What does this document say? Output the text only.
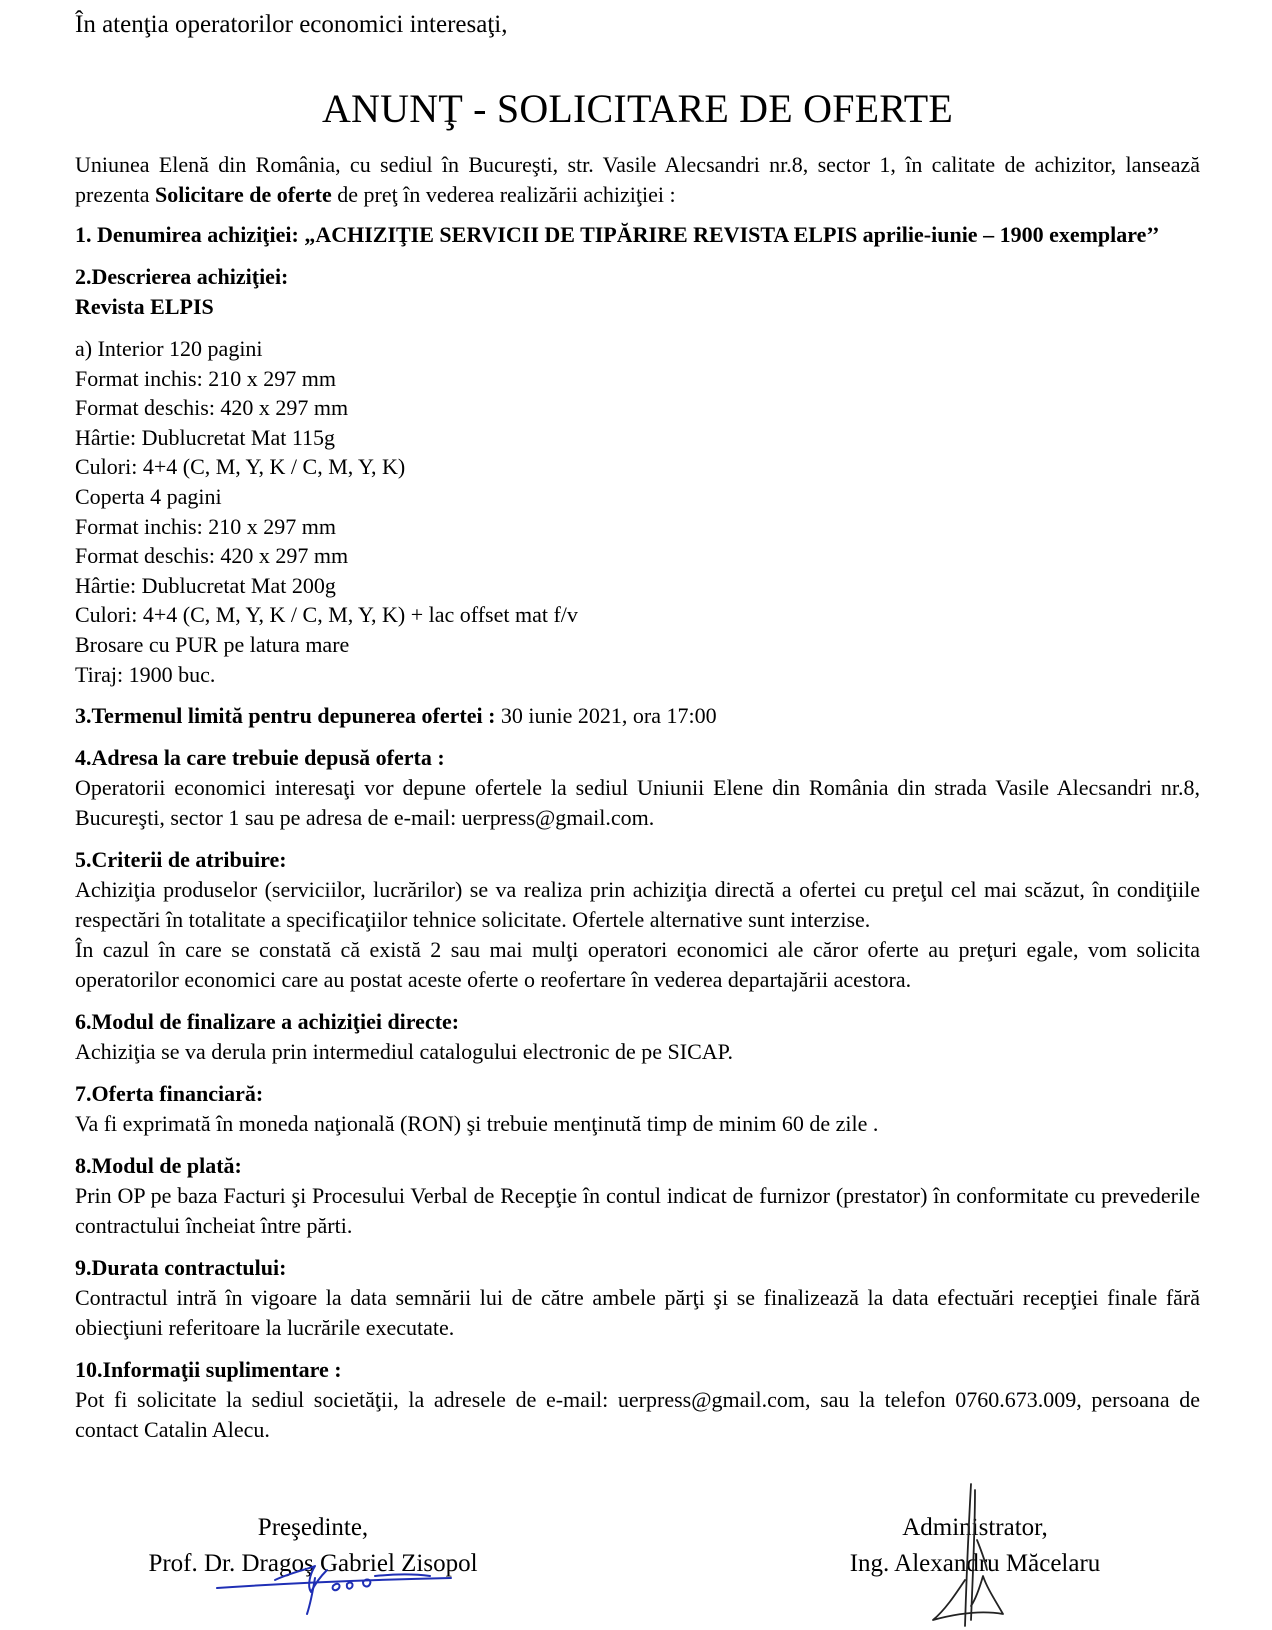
În atenţia operatorilor economici interesaţi,

ANUNŢ - SOLICITARE DE OFERTE

Uniunea Elenă din România, cu sediul în Bucureşti, str. Vasile Alecsandri nr.8, sector 1, în calitate de achizitor, lansează prezenta Solicitare de oferte de preţ în vederea realizării achiziţiei :

1. Denumirea achiziţiei: „ACHIZIŢIE SERVICII DE TIPĂRIRE REVISTA ELPIS aprilie-iunie – 1900 exemplare’’

2.Descrierea achiziţiei:

Revista ELPIS

a) Interior 120 pagini
Format inchis: 210 x 297 mm
Format deschis: 420 x 297 mm
Hârtie: Dublucretat Mat 115g
Culori: 4+4 (C, M, Y, K / C, M, Y, K)
Coperta 4 pagini
Format inchis: 210 x 297 mm
Format deschis: 420 x 297 mm
Hârtie: Dublucretat Mat 200g
Culori: 4+4 (C, M, Y, K / C, M, Y, K) + lac offset mat f/v
Brosare cu PUR pe latura mare
Tiraj: 1900 buc.

3.Termenul limită pentru depunerea ofertei : 30 iunie 2021, ora 17:00

4.Adresa la care trebuie depusă oferta :

Operatorii economici interesaţi vor depune ofertele la sediul Uniunii Elene din România din strada Vasile Alecsandri nr.8, Bucureşti, sector 1 sau pe adresa de e-mail: uerpress@gmail.com.

5.Criterii de atribuire:

Achiziţia produselor (serviciilor, lucrărilor) se va realiza prin achiziţia directă a ofertei cu preţul cel mai scăzut, în condiţiile respectări în totalitate a specificaţiilor tehnice solicitate. Ofertele alternative sunt interzise.

În cazul în care se constată că există 2 sau mai mulţi operatori economici ale căror oferte au preţuri egale, vom solicita operatorilor economici care au postat aceste oferte o reofertare în vederea departajării acestora.

6.Modul de finalizare a achiziţiei directe:

Achiziţia se va derula prin intermediul catalogului electronic de pe SICAP.

7.Oferta financiară:

Va fi exprimată în moneda naţională (RON) şi trebuie menţinută timp de minim 60 de zile .

8.Modul de plată:

Prin OP pe baza Facturi şi Procesului Verbal de Recepţie în contul indicat de furnizor (prestator) în conformitate cu prevederile contractului încheiat între părti.

9.Durata contractului:

Contractul intră în vigoare la data semnării lui de către ambele părţi şi se finalizează la data efectuări recepţiei finale fără obiecţiuni referitoare la lucrările executate.

10.Informaţii suplimentare :

Pot fi solicitate la sediul societăţii, la adresele de e-mail: uerpress@gmail.com, sau la telefon 0760.673.009, persoana de contact Catalin Alecu.

Preşedinte,
Prof. Dr. Dragoş Gabriel Zisopol
Administrator,
Ing. Alexandru Măcelaru
